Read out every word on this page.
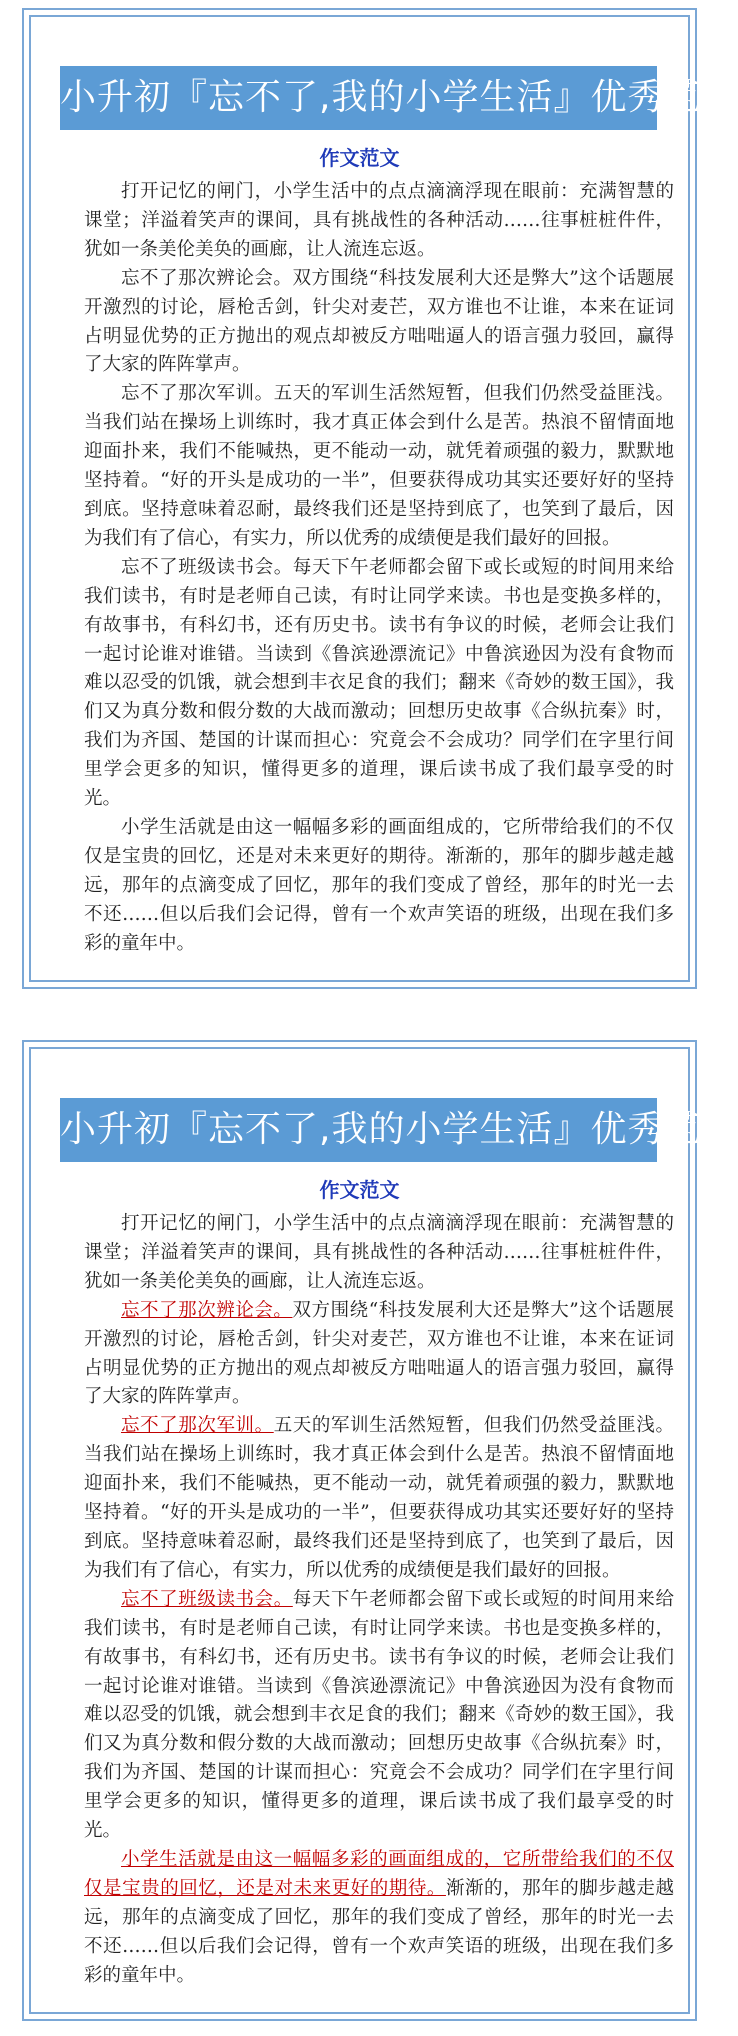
小升初『忘不了,我的小学生活』优秀范文
作文范文

打开记忆的闸门，小学生活中的点点滴滴浮现在眼前：充满智慧的课堂；洋溢着笑声的课间，具有挑战性的各种活动……往事桩桩件件，犹如一条美伦美奂的画廊，让人流连忘返。

忘不了那次辨论会。双方围绕“科技发展利大还是弊大”这个话题展开激烈的讨论，唇枪舌剑，针尖对麦芒，双方谁也不让谁，本来在证词占明显优势的正方抛出的观点却被反方咄咄逼人的语言强力驳回，赢得了大家的阵阵掌声。

忘不了那次军训。五天的军训生活然短暂，但我们仍然受益匪浅。当我们站在操场上训练时，我才真正体会到什么是苦。热浪不留情面地迎面扑来，我们不能喊热，更不能动一动，就凭着顽强的毅力，默默地坚持着。“好的开头是成功的一半”，但要获得成功其实还要好好的坚持到底。坚持意味着忍耐，最终我们还是坚持到底了，也笑到了最后，因为我们有了信心，有实力，所以优秀的成绩便是我们最好的回报。

忘不了班级读书会。每天下午老师都会留下或长或短的时间用来给我们读书，有时是老师自己读，有时让同学来读。书也是变换多样的，有故事书，有科幻书，还有历史书。读书有争议的时候，老师会让我们一起讨论谁对谁错。当读到《鲁滨逊漂流记》中鲁滨逊因为没有食物而难以忍受的饥饿，就会想到丰衣足食的我们；翻来《奇妙的数王国》，我们又为真分数和假分数的大战而激动；回想历史故事《合纵抗秦》时，我们为齐国、楚国的计谋而担心：究竟会不会成功？同学们在字里行间里学会更多的知识，懂得更多的道理，课后读书成了我们最享受的时光。

小学生活就是由这一幅幅多彩的画面组成的，它所带给我们的不仅仅是宝贵的回忆，还是对未来更好的期待。渐渐的，那年的脚步越走越远，那年的点滴变成了回忆，那年的我们变成了曾经，那年的时光一去不还……但以后我们会记得，曾有一个欢声笑语的班级，出现在我们多彩的童年中。

小升初『忘不了,我的小学生活』优秀范文
作文范文

打开记忆的闸门，小学生活中的点点滴滴浮现在眼前：充满智慧的课堂；洋溢着笑声的课间，具有挑战性的各种活动……往事桩桩件件，犹如一条美伦美奂的画廊，让人流连忘返。

忘不了那次辨论会。双方围绕“科技发展利大还是弊大”这个话题展开激烈的讨论，唇枪舌剑，针尖对麦芒，双方谁也不让谁，本来在证词占明显优势的正方抛出的观点却被反方咄咄逼人的语言强力驳回，赢得了大家的阵阵掌声。

忘不了那次军训。五天的军训生活然短暂，但我们仍然受益匪浅。当我们站在操场上训练时，我才真正体会到什么是苦。热浪不留情面地迎面扑来，我们不能喊热，更不能动一动，就凭着顽强的毅力，默默地坚持着。“好的开头是成功的一半”，但要获得成功其实还要好好的坚持到底。坚持意味着忍耐，最终我们还是坚持到底了，也笑到了最后，因为我们有了信心，有实力，所以优秀的成绩便是我们最好的回报。

忘不了班级读书会。每天下午老师都会留下或长或短的时间用来给我们读书，有时是老师自己读，有时让同学来读。书也是变换多样的，有故事书，有科幻书，还有历史书。读书有争议的时候，老师会让我们一起讨论谁对谁错。当读到《鲁滨逊漂流记》中鲁滨逊因为没有食物而难以忍受的饥饿，就会想到丰衣足食的我们；翻来《奇妙的数王国》，我们又为真分数和假分数的大战而激动；回想历史故事《合纵抗秦》时，我们为齐国、楚国的计谋而担心：究竟会不会成功？同学们在字里行间里学会更多的知识，懂得更多的道理，课后读书成了我们最享受的时光。

小学生活就是由这一幅幅多彩的画面组成的，它所带给我们的不仅仅是宝贵的回忆，还是对未来更好的期待。渐渐的，那年的脚步越走越远，那年的点滴变成了回忆，那年的我们变成了曾经，那年的时光一去不还……但以后我们会记得，曾有一个欢声笑语的班级，出现在我们多彩的童年中。
